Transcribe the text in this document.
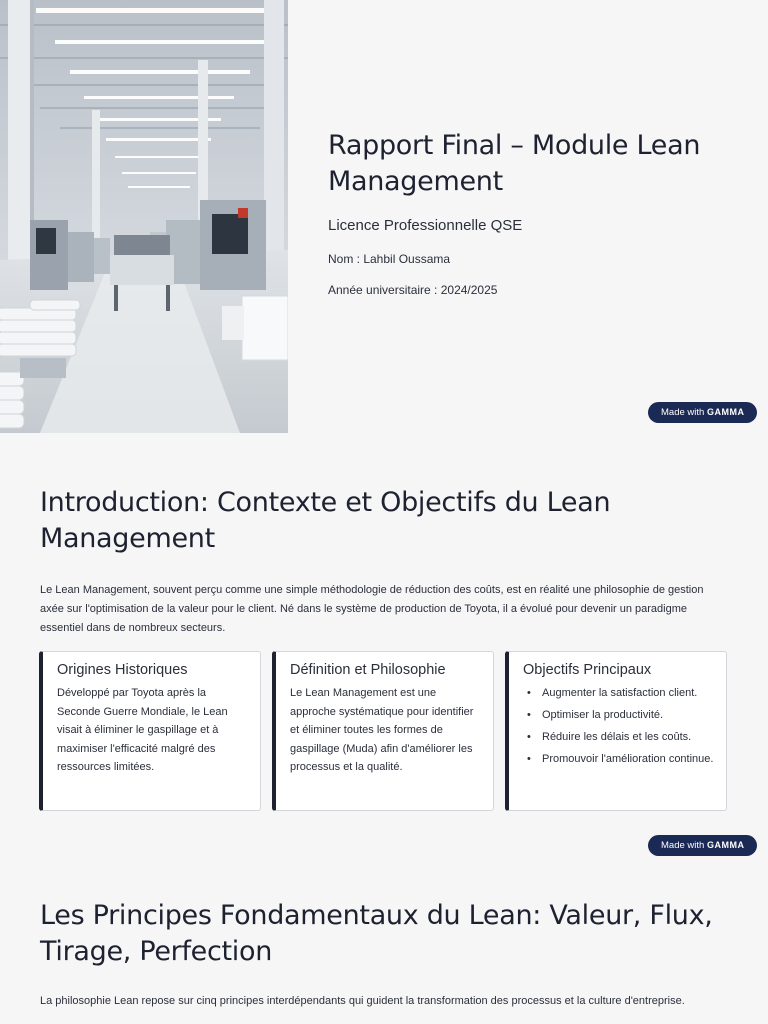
Rapport Final – Module Lean Management
Licence Professionnelle QSE
Nom : Lahbil Oussama
Année universitaire : 2024/2025
Made with GAMMA
Introduction: Contexte et Objectifs du Lean Management

Le Lean Management, souvent perçu comme une simple méthodologie de réduction des coûts, est en réalité une philosophie de gestion axée sur l'optimisation de la valeur pour le client. Né dans le système de production de Toyota, il a évolué pour devenir un paradigme essentiel dans de nombreux secteurs.

Origines Historiques

Développé par Toyota après la Seconde Guerre Mondiale, le Lean visait à éliminer le gaspillage et à maximiser l'efficacité malgré des ressources limitées.

Définition et Philosophie

Le Lean Management est une approche systématique pour identifier et éliminer toutes les formes de gaspillage (Muda) afin d'améliorer les processus et la qualité.

Objectifs Principaux
• Augmenter la satisfaction client.
• Optimiser la productivité.
• Réduire les délais et les coûts.
• Promouvoir l'amélioration continue.
Made with GAMMA
Les Principes Fondamentaux du Lean: Valeur, Flux, Tirage, Perfection

La philosophie Lean repose sur cinq principes interdépendants qui guident la transformation des processus et la culture d'entreprise.
